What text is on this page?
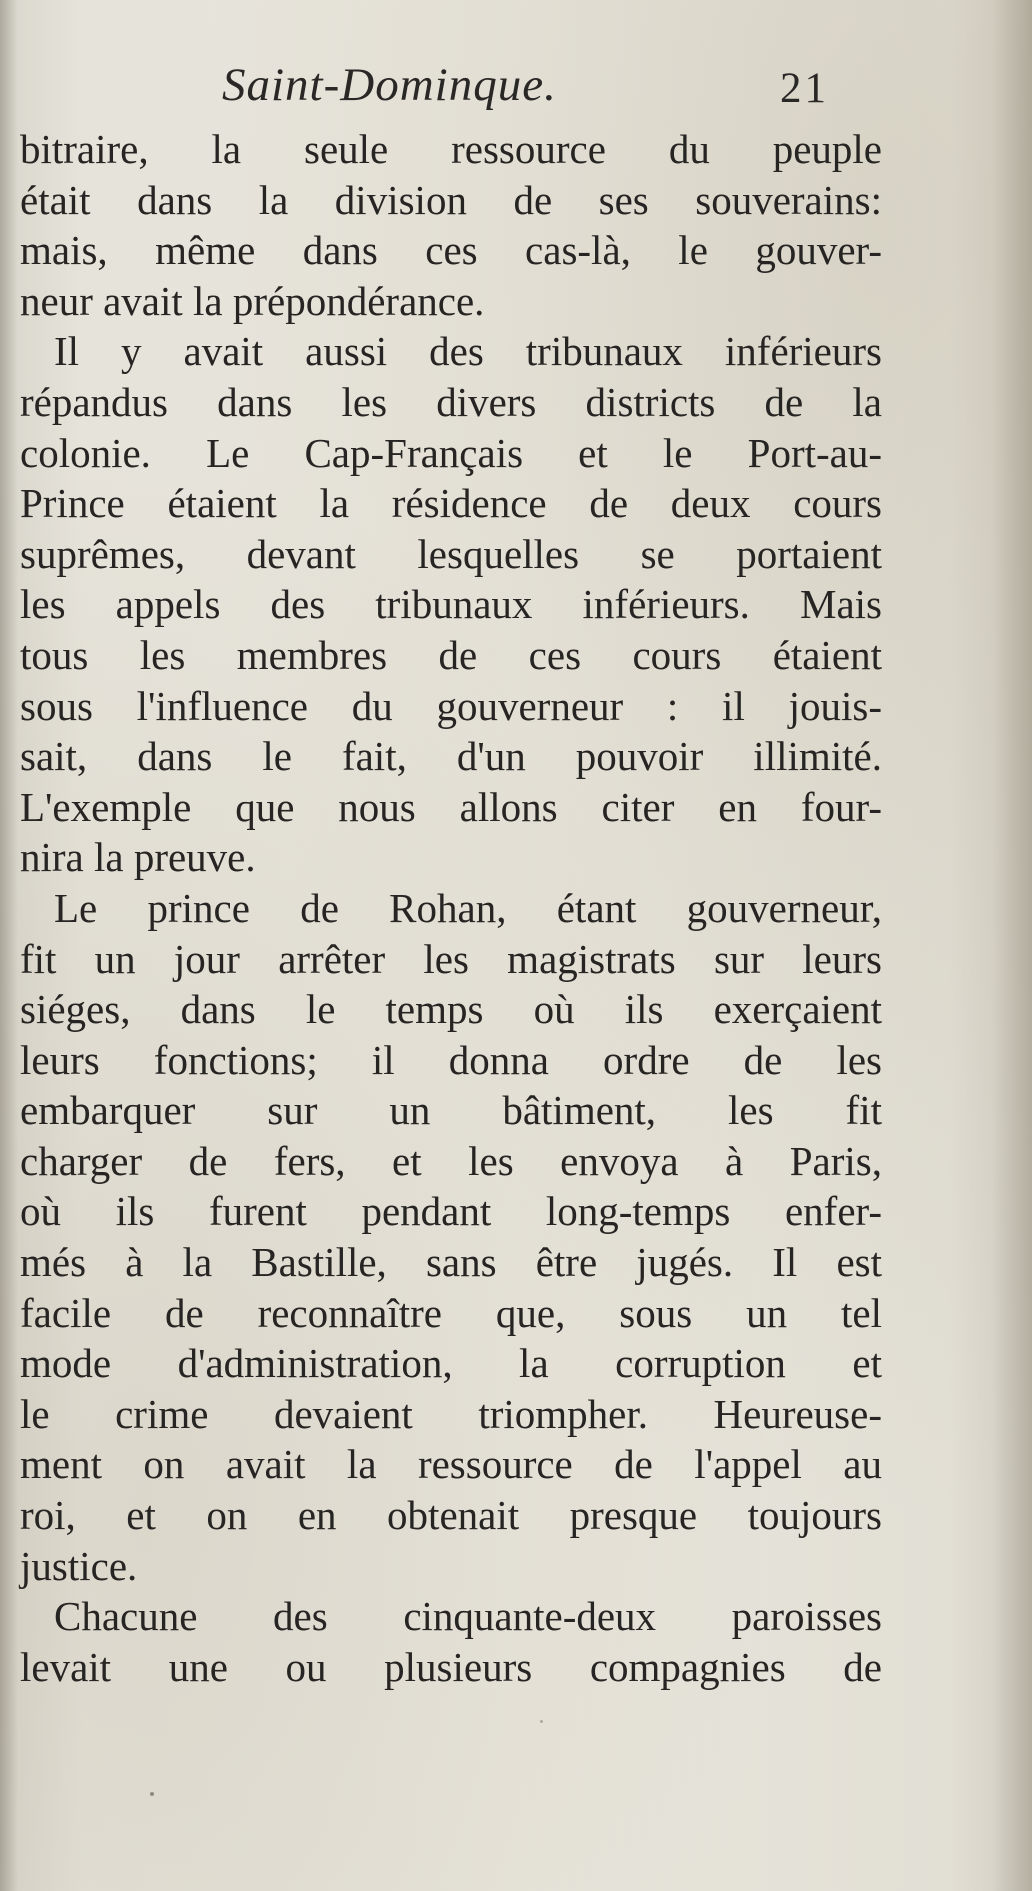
Saint-Dominque.	21
bitraire, la seule ressource du peuple
était dans la division de ses souverains:
mais, même dans ces cas-là, le gouver-
neur avait la prépondérance.
Il y avait aussi des tribunaux inférieurs
répandus dans les divers districts de la
colonie. Le Cap-Français et le Port-au-
Prince étaient la résidence de deux cours
suprêmes, devant lesquelles se portaient
les appels des tribunaux inférieurs. Mais
tous les membres de ces cours étaient
sous l'influence du gouverneur : il jouis-
sait, dans le fait, d'un pouvoir illimité.
L'exemple que nous allons citer en four-
nira la preuve.
Le prince de Rohan, étant gouverneur,
fit un jour arrêter les magistrats sur leurs
siéges, dans le temps où ils exerçaient
leurs fonctions; il donna ordre de les
embarquer sur un bâtiment, les fit
charger de fers, et les envoya à Paris,
où ils furent pendant long-temps enfer-
més à la Bastille, sans être jugés. Il est
facile de reconnaître que, sous un tel
mode d'administration, la corruption et
le crime devaient triompher. Heureuse-
ment on avait la ressource de l'appel au
roi, et on en obtenait presque toujours
justice.
Chacune des cinquante-deux paroisses
levait une ou plusieurs compagnies de
